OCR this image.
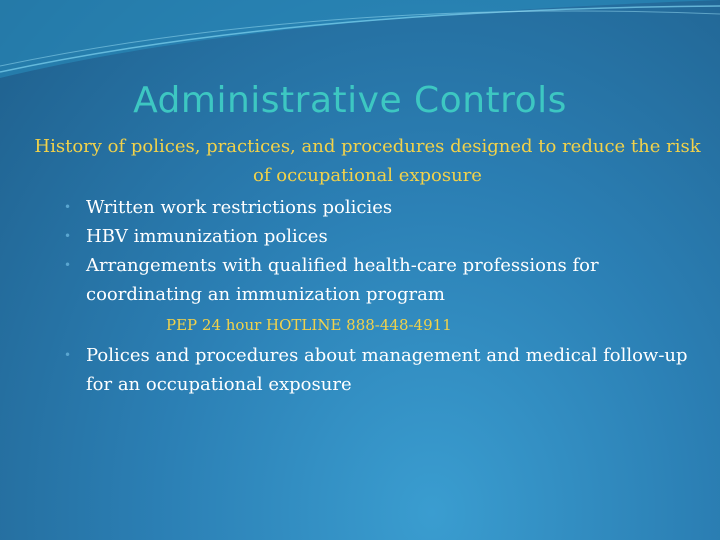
Administrative Controls
History of polices, practices, and procedures designed to reduce the risk of occupational exposure
• Written work restrictions policies
• HBV immunization polices
• Arrangements with qualified health-care professions for coordinating an immunization program
PEP 24 hour HOTLINE 888-448-4911
• Polices and procedures about management and medical follow-up for an occupational exposure
